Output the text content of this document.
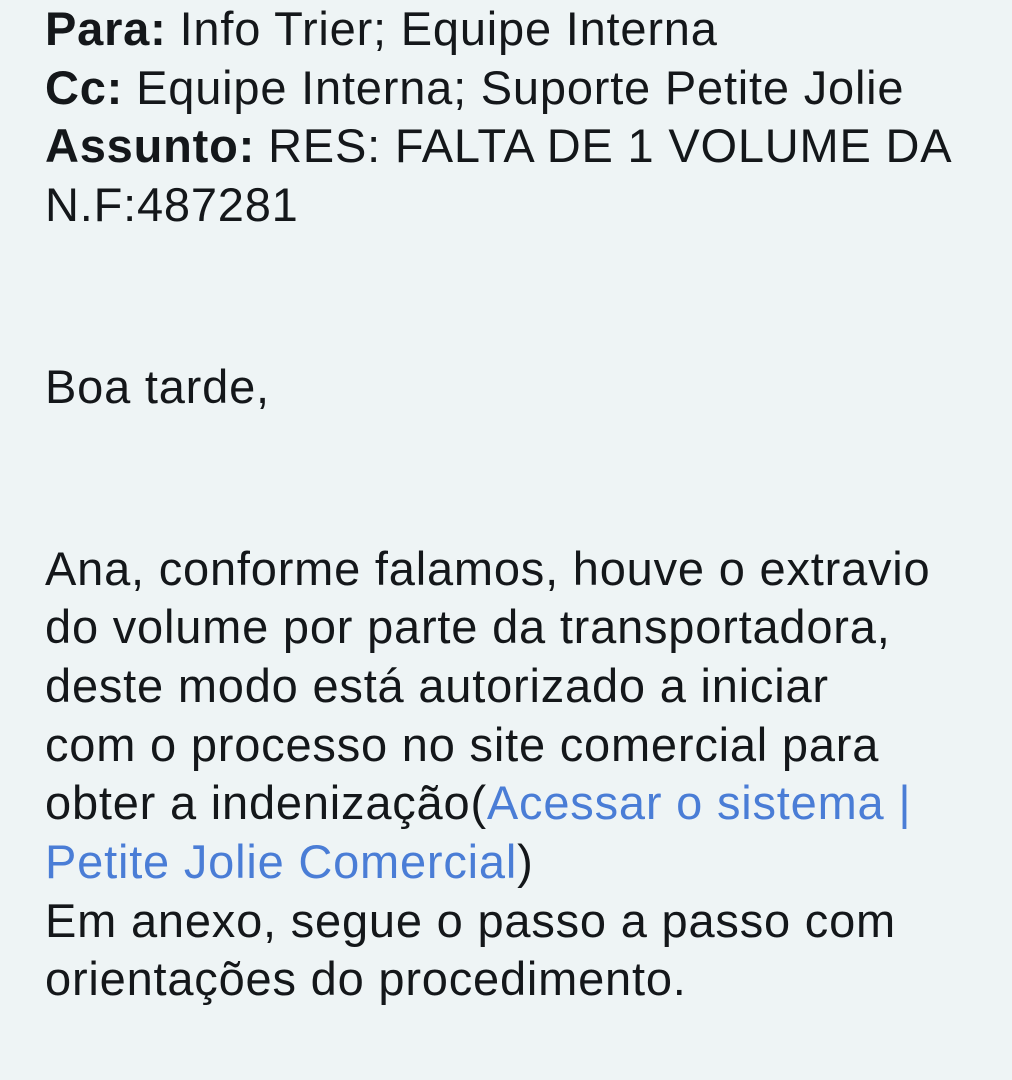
Para: Info Trier; Equipe Interna
Cc: Equipe Interna; Suporte Petite Jolie
Assunto: RES: FALTA DE 1 VOLUME DA N.F:487281

Boa tarde,

Ana, conforme falamos, houve o extravio

do volume por parte da transportadora,

deste modo está autorizado a iniciar

com o processo no site comercial para

obter a indenização(Acessar o sistema |

Petite Jolie Comercial)

Em anexo, segue o passo a passo com

orientações do procedimento.
